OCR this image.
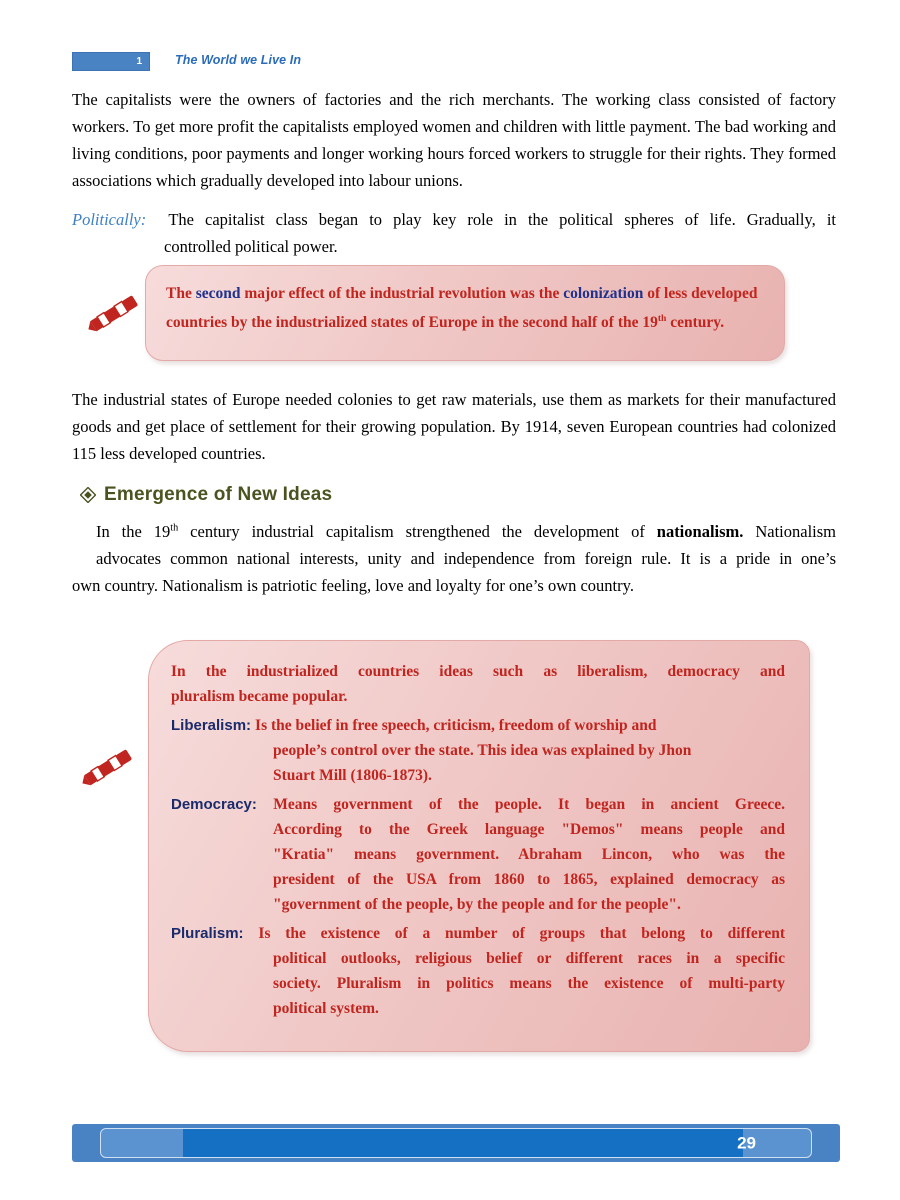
1	The World we Live In

The capitalists were the owners of factories and the rich merchants. The working class consisted of factory workers. To get more profit the capitalists employed women and children with little payment. The bad working and living conditions, poor payments and longer working hours forced workers to struggle for their rights. They formed associations which gradually developed into labour unions.

Politically: The capitalist class began to play key role in the political spheres of life. Gradually, it
controlled political power.
The second major effect of the industrial revolution was the colonization of less developed countries by the industrialized states of Europe in the second half of the 19th century.

The industrial states of Europe needed colonies to get raw materials, use them as markets for their manufactured goods and get place of settlement for their growing population. By 1914, seven European countries had colonized 115 less developed countries.

Emergence of New Ideas
In the 19th century industrial capitalism strengthened the development of nationalism. Nationalism
advocates common national interests, unity and independence from foreign rule. It is a pride in one’s
own country. Nationalism is patriotic feeling, love and loyalty for one’s own country.
In the industrialized countries ideas such as liberalism, democracy and
pluralism became popular.
Liberalism: Is the belief in free speech, criticism, freedom of worship and
people’s control over the state. This idea was explained by Jhon
Stuart Mill (1806-1873).
Democracy: Means government of the people. It began in ancient Greece.
According to the Greek language "Demos" means people and
"Kratia" means government. Abraham Lincon, who was the
president of the USA from 1860 to 1865, explained democracy as
"government of the people, by the people and for the people".
Pluralism: Is the existence of a number of groups that belong to different
political outlooks, religious belief or different races in a specific
society. Pluralism in politics means the existence of multi-party
political system.
29
